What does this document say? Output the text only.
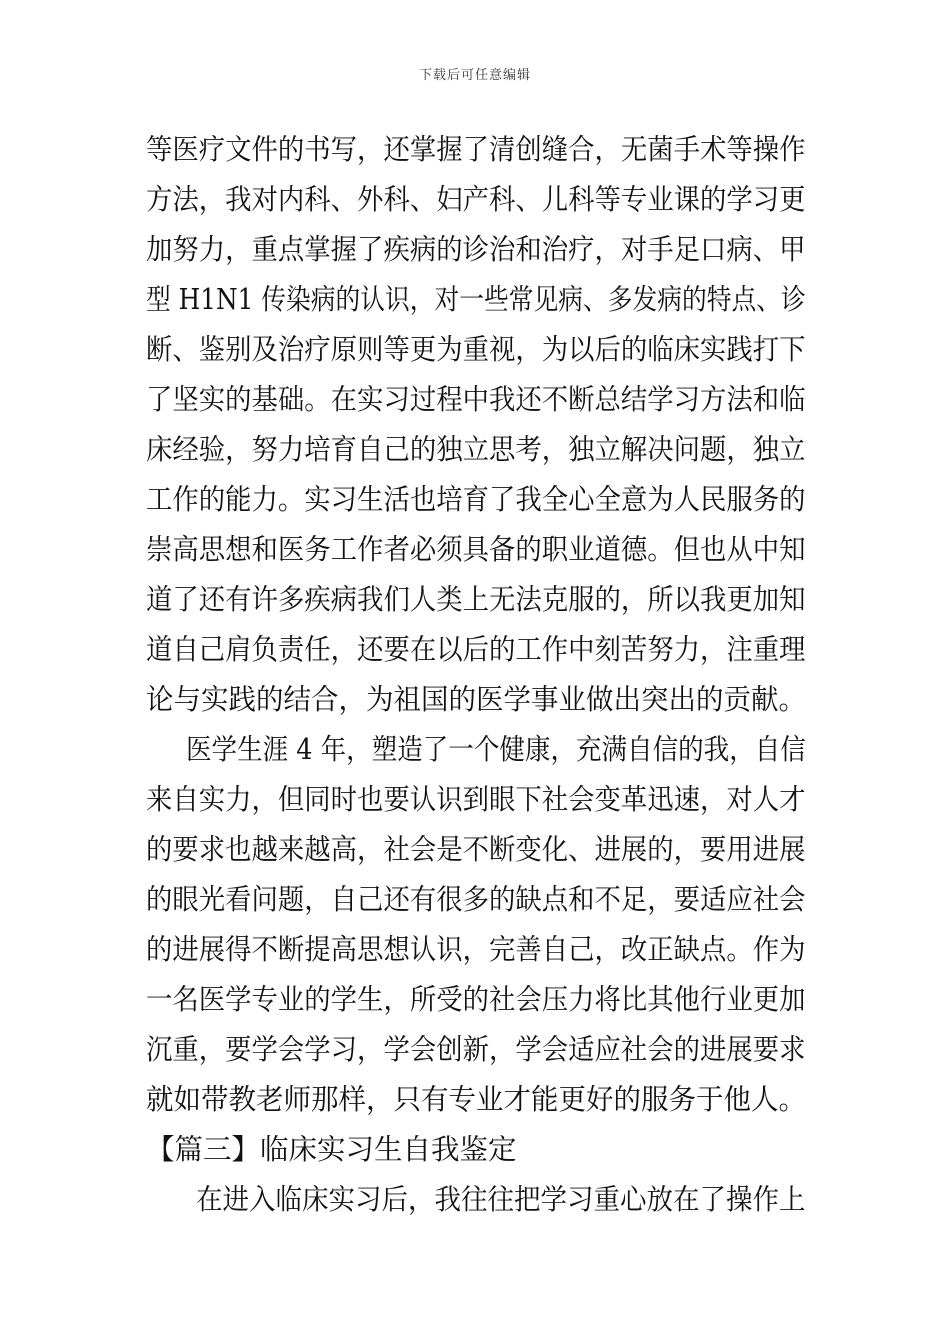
下载后可任意编辑
等医疗文件的书写，还掌握了清创缝合，无菌手术等操作
方法，我对内科、外科、妇产科、儿科等专业课的学习更
加努力，重点掌握了疾病的诊治和治疗，对手足口病、甲
型 H1N1 传染病的认识，对一些常见病、多发病的特点、诊
断、鉴别及治疗原则等更为重视，为以后的临床实践打下
了坚实的基础。在实习过程中我还不断总结学习方法和临
床经验，努力培育自己的独立思考，独立解决问题，独立
工作的能力。实习生活也培育了我全心全意为人民服务的
崇高思想和医务工作者必须具备的职业道德。但也从中知
道了还有许多疾病我们人类上无法克服的，所以我更加知
道自己肩负责任，还要在以后的工作中刻苦努力，注重理
论与实践的结合，为祖国的医学事业做出突出的贡献。
医学生涯 4 年，塑造了一个健康，充满自信的我，自信
来自实力，但同时也要认识到眼下社会变革迅速，对人才
的要求也越来越高，社会是不断变化、进展的，要用进展
的眼光看问题，自己还有很多的缺点和不足，要适应社会
的进展得不断提高思想认识，完善自己，改正缺点。作为
一名医学专业的学生，所受的社会压力将比其他行业更加
沉重，要学会学习，学会创新，学会适应社会的进展要求
就如带教老师那样，只有专业才能更好的服务于他人。
【篇三】临床实习生自我鉴定
在进入临床实习后，我往往把学习重心放在了操作上
